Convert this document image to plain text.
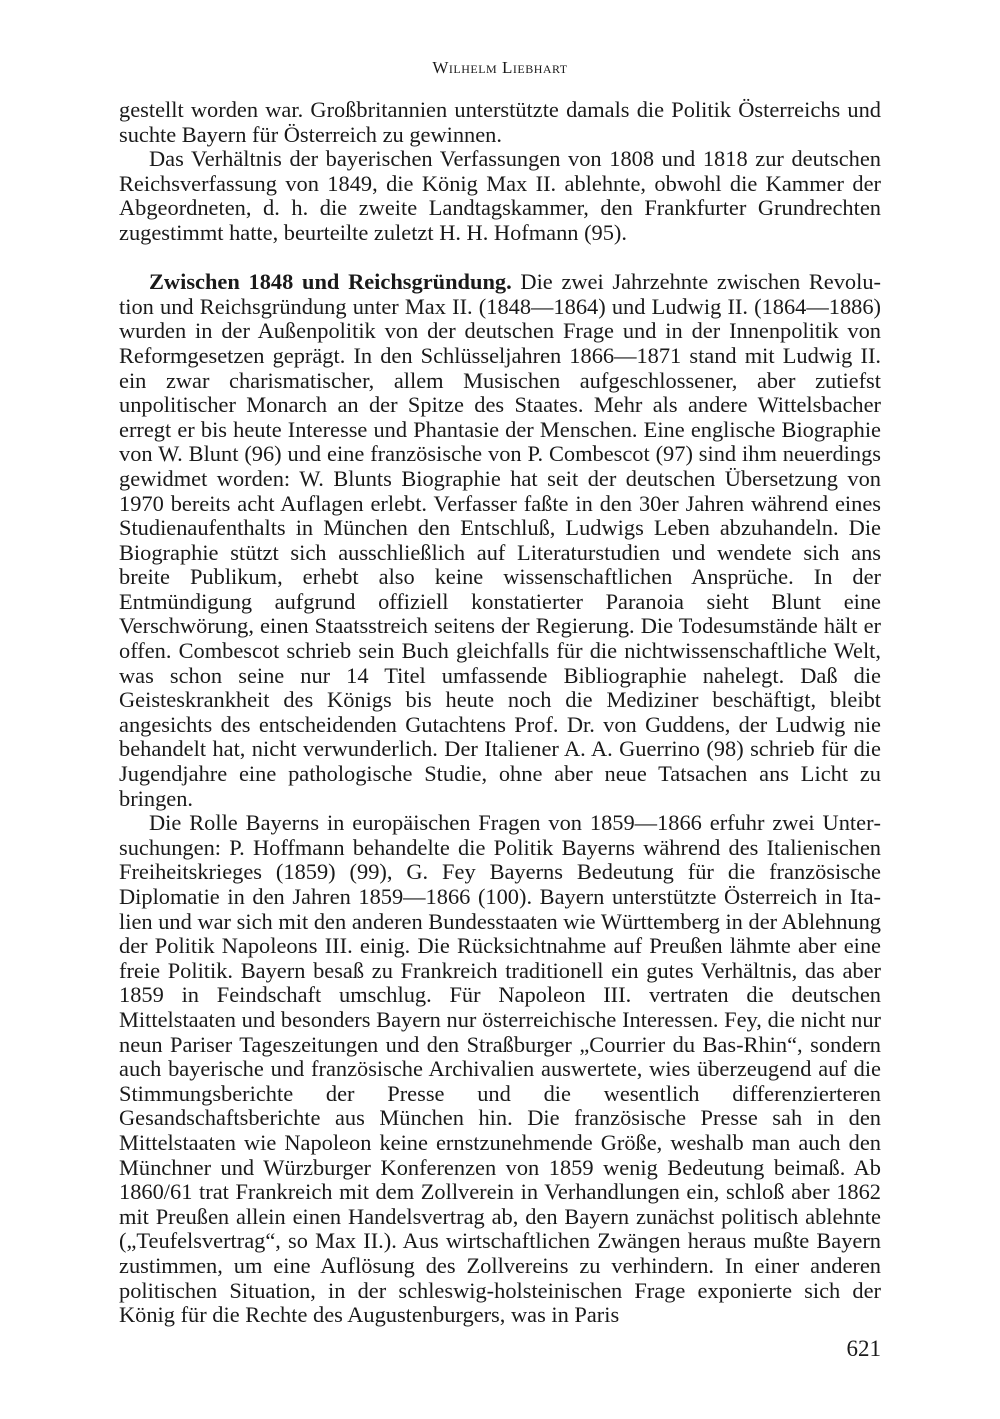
Wilhelm Liebhart

gestellt worden war. Großbritannien unterstützte damals die Politik Österreichs und suchte Bayern für Österreich zu gewinnen.

Das Verhältnis der bayerischen Verfassungen von 1808 und 1818 zur deutschen Reichsverfassung von 1849, die König Max II. ablehnte, obwohl die Kammer der Abgeordneten, d. h. die zweite Landtagskammer, den Frankfurter Grundrechten zugestimmt hatte, beurteilte zuletzt H. H. Hofmann (95).

Zwischen 1848 und Reichsgründung. Die zwei Jahrzehnte zwischen Revolution und Reichsgründung unter Max II. (1848—1864) und Ludwig II. (1864—1886) wurden in der Außenpolitik von der deutschen Frage und in der Innenpolitik von Reformgesetzen geprägt. In den Schlüsseljahren 1866—1871 stand mit Ludwig II. ein zwar charismatischer, allem Musischen aufgeschlossener, aber zutiefst unpolitischer Monarch an der Spitze des Staates. Mehr als andere Wittelsbacher erregt er bis heute Interesse und Phantasie der Menschen. Eine englische Biographie von W. Blunt (96) und eine französische von P. Combescot (97) sind ihm neuerdings gewidmet worden: W. Blunts Biographie hat seit der deutschen Übersetzung von 1970 bereits acht Auflagen erlebt. Verfasser faßte in den 30er Jahren während eines Studienaufenthalts in München den Entschluß, Ludwigs Leben abzuhandeln. Die Biographie stützt sich ausschließlich auf Literaturstudien und wendete sich ans breite Publikum, erhebt also keine wissenschaftlichen Ansprüche. In der Entmündigung aufgrund offiziell konstatierter Paranoia sieht Blunt eine Verschwörung, einen Staatsstreich seitens der Regierung. Die Todesumstände hält er offen. Combescot schrieb sein Buch gleichfalls für die nichtwissenschaftliche Welt, was schon seine nur 14 Titel umfassende Bibliographie nahelegt. Daß die Geisteskrankheit des Königs bis heute noch die Mediziner beschäftigt, bleibt angesichts des entscheidenden Gutachtens Prof. Dr. von Guddens, der Ludwig nie behandelt hat, nicht verwunderlich. Der Italiener A. A. Guerrino (98) schrieb für die Jugendjahre eine pathologische Studie, ohne aber neue Tatsachen ans Licht zu bringen.

Die Rolle Bayerns in europäischen Fragen von 1859—1866 erfuhr zwei Untersuchungen: P. Hoffmann behandelte die Politik Bayerns während des Italienischen Freiheitskrieges (1859) (99), G. Fey Bayerns Bedeutung für die französische Diplomatie in den Jahren 1859—1866 (100). Bayern unterstützte Österreich in Italien und war sich mit den anderen Bundesstaaten wie Württemberg in der Ablehnung der Politik Napoleons III. einig. Die Rücksichtnahme auf Preußen lähmte aber eine freie Politik. Bayern besaß zu Frankreich traditionell ein gutes Verhältnis, das aber 1859 in Feindschaft umschlug. Für Napoleon III. vertraten die deutschen Mittelstaaten und besonders Bayern nur österreichische Interessen. Fey, die nicht nur neun Pariser Tageszeitungen und den Straßburger „Courrier du Bas-Rhin“, sondern auch bayerische und französische Archivalien auswertete, wies überzeugend auf die Stimmungsberichte der Presse und die wesentlich differenzierteren Gesandschaftsberichte aus München hin. Die französische Presse sah in den Mittelstaaten wie Napoleon keine ernstzunehmende Größe, weshalb man auch den Münchner und Würzburger Konferenzen von 1859 wenig Bedeutung beimaß. Ab 1860/61 trat Frankreich mit dem Zollverein in Verhandlungen ein, schloß aber 1862 mit Preußen allein einen Handelsvertrag ab, den Bayern zunächst politisch ablehnte („Teufelsvertrag“, so Max II.). Aus wirtschaftlichen Zwängen heraus mußte Bayern zustimmen, um eine Auflösung des Zollvereins zu verhindern. In einer anderen politischen Situation, in der schleswig-holsteinischen Frage exponierte sich der König für die Rechte des Augustenburgers, was in Paris

621
